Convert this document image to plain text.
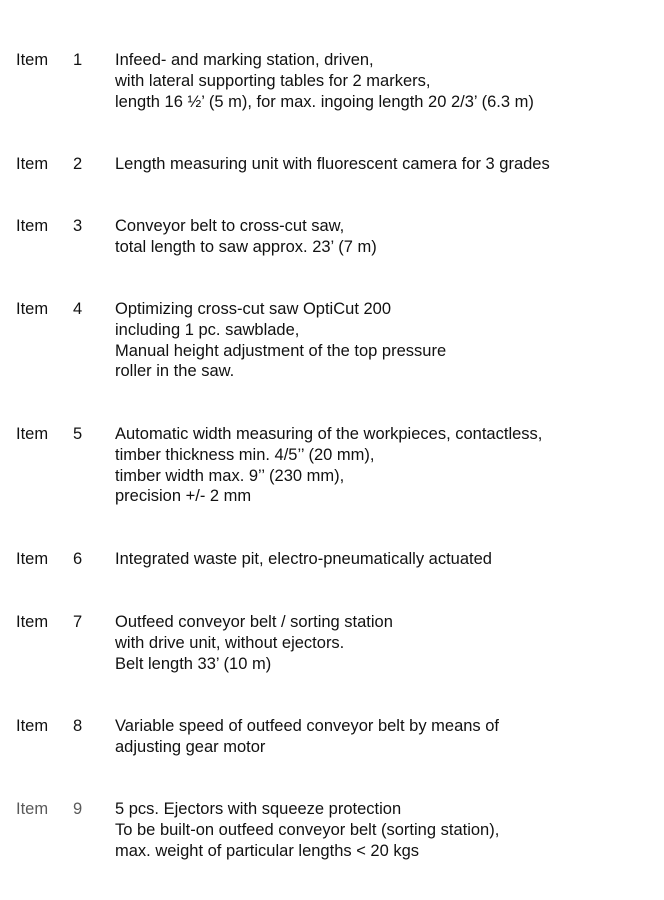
Item 1 Infeed- and marking station, driven,
with lateral supporting tables for 2 markers,
length 16 ½’ (5 m), for max. ingoing length 20 2/3’ (6.3 m)
Item 2 Length measuring unit with fluorescent camera for 3 grades
Item 3 Conveyor belt to cross-cut saw,
total length to saw approx. 23’ (7 m)
Item 4 Optimizing cross-cut saw OptiCut 200
including 1 pc. sawblade,
Manual height adjustment of the top pressure
roller in the saw.
Item 5 Automatic width measuring of the workpieces, contactless,
timber thickness min. 4/5’’ (20 mm),
timber width max. 9’’ (230 mm),
precision +/- 2 mm
Item 6 Integrated waste pit, electro-pneumatically actuated
Item 7 Outfeed conveyor belt / sorting station
with drive unit, without ejectors.
Belt length 33’ (10 m)
Item 8 Variable speed of outfeed conveyor belt by means of
adjusting gear motor
Item 9 5 pcs. Ejectors with squeeze protection
To be built-on outfeed conveyor belt (sorting station),
max. weight of particular lengths < 20 kgs
